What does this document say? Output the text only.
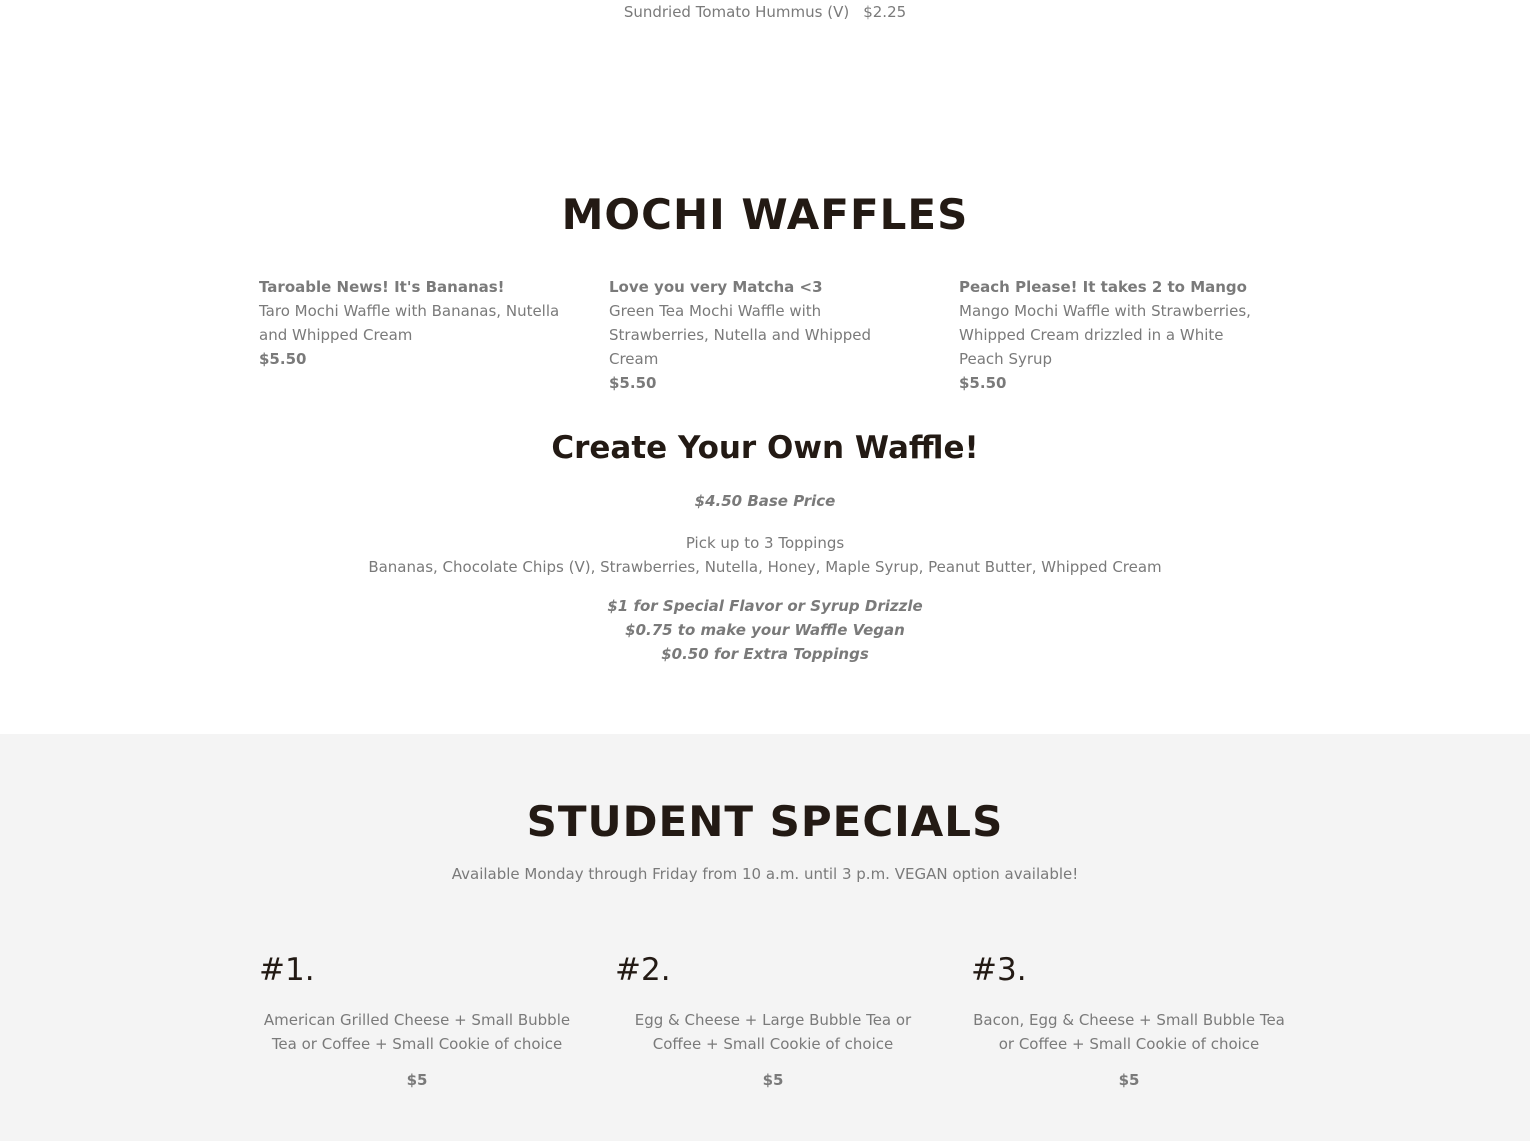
Sundried Tomato Hummus (V) $2.25
MOCHI WAFFLES
Taroable News! It's Bananas!
Taro Mochi Waffle with Bananas, Nutella and Whipped Cream
$5.50
Love you very Matcha <3
Green Tea Mochi Waffle with Strawberries, Nutella and Whipped Cream
$5.50
Peach Please! It takes 2 to Mango
Mango Mochi Waffle with Strawberries, Whipped Cream drizzled in a White Peach Syrup
$5.50
Create Your Own Waffle!
$4.50 Base Price
Pick up to 3 Toppings
Bananas, Chocolate Chips (V), Strawberries, Nutella, Honey, Maple Syrup, Peanut Butter, Whipped Cream
$1 for Special Flavor or Syrup Drizzle
$0.75 to make your Waffle Vegan
$0.50 for Extra Toppings
STUDENT SPECIALS
Available Monday through Friday from 10 a.m. until 3 p.m. VEGAN option available!
#1.
American Grilled Cheese + Small Bubble Tea or Coffee + Small Cookie of choice
$5
#2.
Egg & Cheese + Large Bubble Tea or Coffee + Small Cookie of choice
$5
#3.
Bacon, Egg & Cheese + Small Bubble Tea or Coffee + Small Cookie of choice
$5
